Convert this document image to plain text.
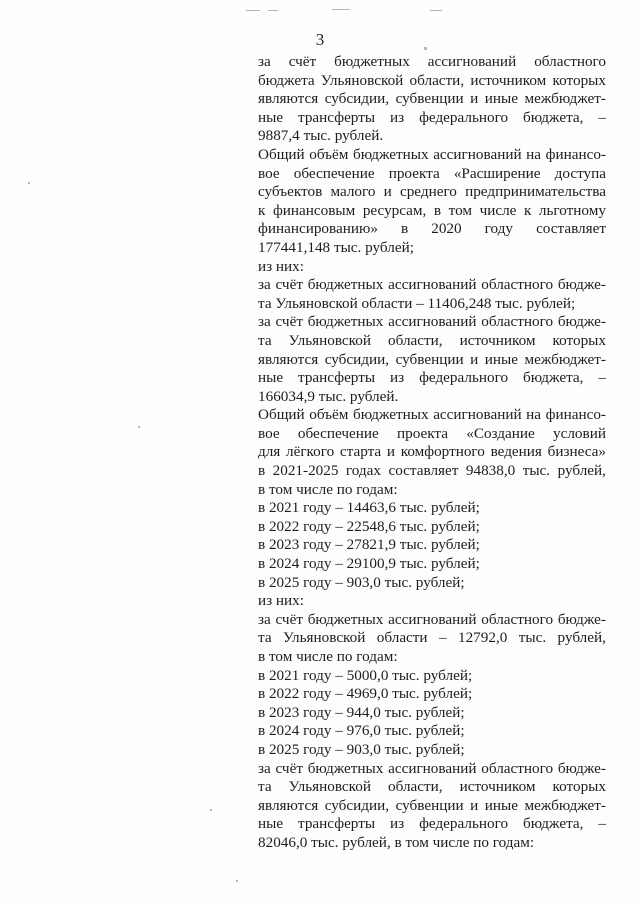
3
за счёт бюджетных ассигнований областного
бюджета Ульяновской области, источником которых
являются субсидии, субвенции и иные межбюджет-
ные трансферты из федерального бюджета, –
9887,4 тыс. рублей.
Общий объём бюджетных ассигнований на финансо-
вое обеспечение проекта «Расширение доступа
субъектов малого и среднего предпринимательства
к финансовым ресурсам, в том числе к льготному
финансированию» в 2020 году составляет
177441,148 тыс. рублей;
из них:
за счёт бюджетных ассигнований областного бюдже-
та Ульяновской области – 11406,248 тыс. рублей;
за счёт бюджетных ассигнований областного бюдже-
та Ульяновской области, источником которых
являются субсидии, субвенции и иные межбюджет-
ные трансферты из федерального бюджета, –
166034,9 тыс. рублей.
Общий объём бюджетных ассигнований на финансо-
вое обеспечение проекта «Создание условий
для лёгкого старта и комфортного ведения бизнеса»
в 2021-2025 годах составляет 94838,0 тыс. рублей,
в том числе по годам:
в 2021 году – 14463,6 тыс. рублей;
в 2022 году – 22548,6 тыс. рублей;
в 2023 году – 27821,9 тыс. рублей;
в 2024 году – 29100,9 тыс. рублей;
в 2025 году – 903,0 тыс. рублей;
из них:
за счёт бюджетных ассигнований областного бюдже-
та Ульяновской области – 12792,0 тыс. рублей,
в том числе по годам:
в 2021 году – 5000,0 тыс. рублей;
в 2022 году – 4969,0 тыс. рублей;
в 2023 году – 944,0 тыс. рублей;
в 2024 году – 976,0 тыс. рублей;
в 2025 году – 903,0 тыс. рублей;
за счёт бюджетных ассигнований областного бюдже-
та Ульяновской области, источником которых
являются субсидии, субвенции и иные межбюджет-
ные трансферты из федерального бюджета, –
82046,0 тыс. рублей, в том числе по годам:
